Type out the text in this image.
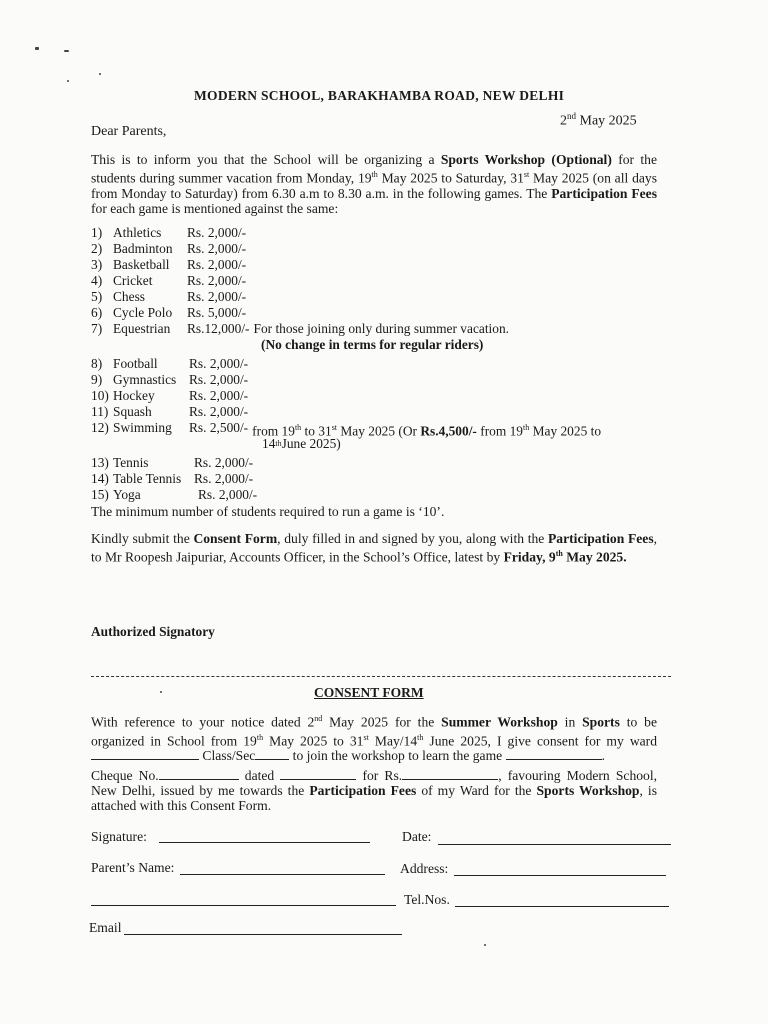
MODERN SCHOOL, BARAKHAMBA ROAD, NEW DELHI
2nd May 2025
Dear Parents,
This is to inform you that the School will be organizing a Sports Workshop (Optional) for the students during summer vacation from Monday, 19th May 2025 to Saturday, 31st May 2025 (on all days from Monday to Saturday) from 6.30 a.m to 8.30 a.m. in the following games. The Participation Fees for each game is mentioned against the same:
1) Athletics	Rs. 2,000/-
2) Badminton	Rs. 2,000/-
3) Basketball	Rs. 2,000/-
4) Cricket	Rs. 2,000/-
5) Chess	Rs. 2,000/-
6) Cycle Polo	Rs. 5,000/-
7) Equestrian	Rs.12,000/- For those joining only during summer vacation.
(No change in terms for regular riders)
8) Football	Rs. 2,000/-
9) Gymnastics Rs. 2,000/-
10) Hockey	Rs. 2,000/-
11) Squash	Rs. 2,000/-
12) Swimming	Rs. 2,500/- from 19th to 31st May 2025 (Or Rs.4,500/- from 19th May 2025 to
14 th June 2025)
13) Tennis	Rs. 2,000/-
14) Table Tennis Rs. 2,000/-
15) Yoga	Rs. 2,000/-
The minimum number of students required to run a game is ‘10’.
Kindly submit the Consent Form, duly filled in and signed by you, along with the Participation Fees, to Mr Roopesh Jaipuriar, Accounts Officer, in the School’s Office, latest by Friday, 9th May 2025.
Authorized Signatory
CONSENT FORM
With reference to your notice dated 2nd May 2025 for the Summer Workshop in Sports to be organized in School from 19th May 2025 to 31st May/14th June 2025, I give consent for my ward Class/Sec	to join the workshop to learn the game	.
Cheque No.	dated	for Rs.	, favouring Modern School, New Delhi, issued by me towards the Participation Fees of my Ward for the Sports Workshop, is attached with this Consent Form.
Signature:	Date:
Parent’s Name:	Address:
Tel.Nos.
Email
